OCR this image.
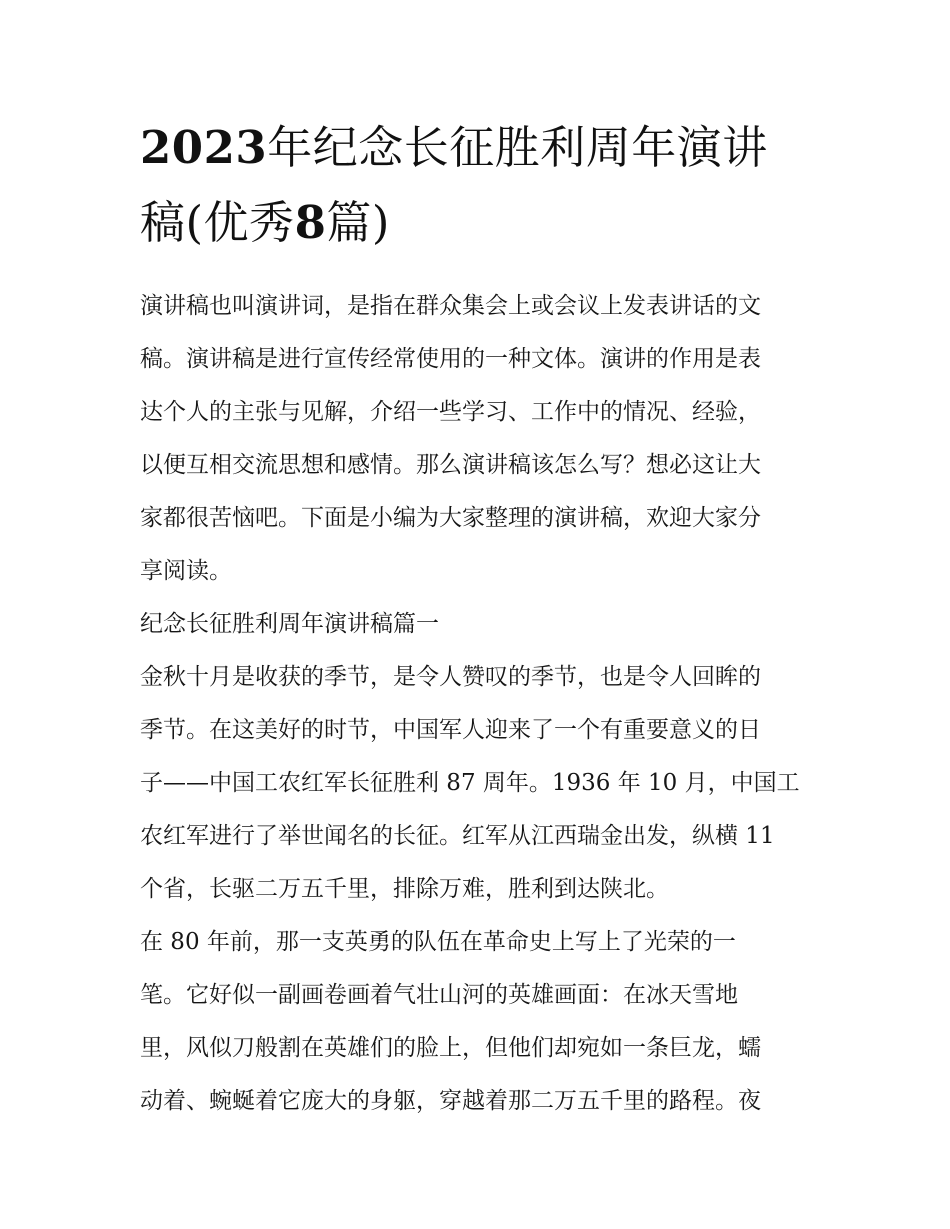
2023年纪念长征胜利周年演讲
稿(优秀8篇)
演讲稿也叫演讲词，是指在群众集会上或会议上发表讲话的文
稿。演讲稿是进行宣传经常使用的一种文体。演讲的作用是表
达个人的主张与见解，介绍一些学习、工作中的情况、经验，
以便互相交流思想和感情。那么演讲稿该怎么写？想必这让大
家都很苦恼吧。下面是小编为大家整理的演讲稿，欢迎大家分
享阅读。
纪念长征胜利周年演讲稿篇一
金秋十月是收获的季节，是令人赞叹的季节，也是令人回眸的
季节。在这美好的时节，中国军人迎来了一个有重要意义的日
子——中国工农红军长征胜利 87 周年。1936 年 10 月，中国工
农红军进行了举世闻名的长征。红军从江西瑞金出发，纵横 11
个省，长驱二万五千里，排除万难，胜利到达陕北。
在 80 年前，那一支英勇的队伍在革命史上写上了光荣的一
笔。它好似一副画卷画着气壮山河的英雄画面：在冰天雪地
里，风似刀般割在英雄们的脸上，但他们却宛如一条巨龙，蠕
动着、蜿蜒着它庞大的身躯，穿越着那二万五千里的路程。夜
